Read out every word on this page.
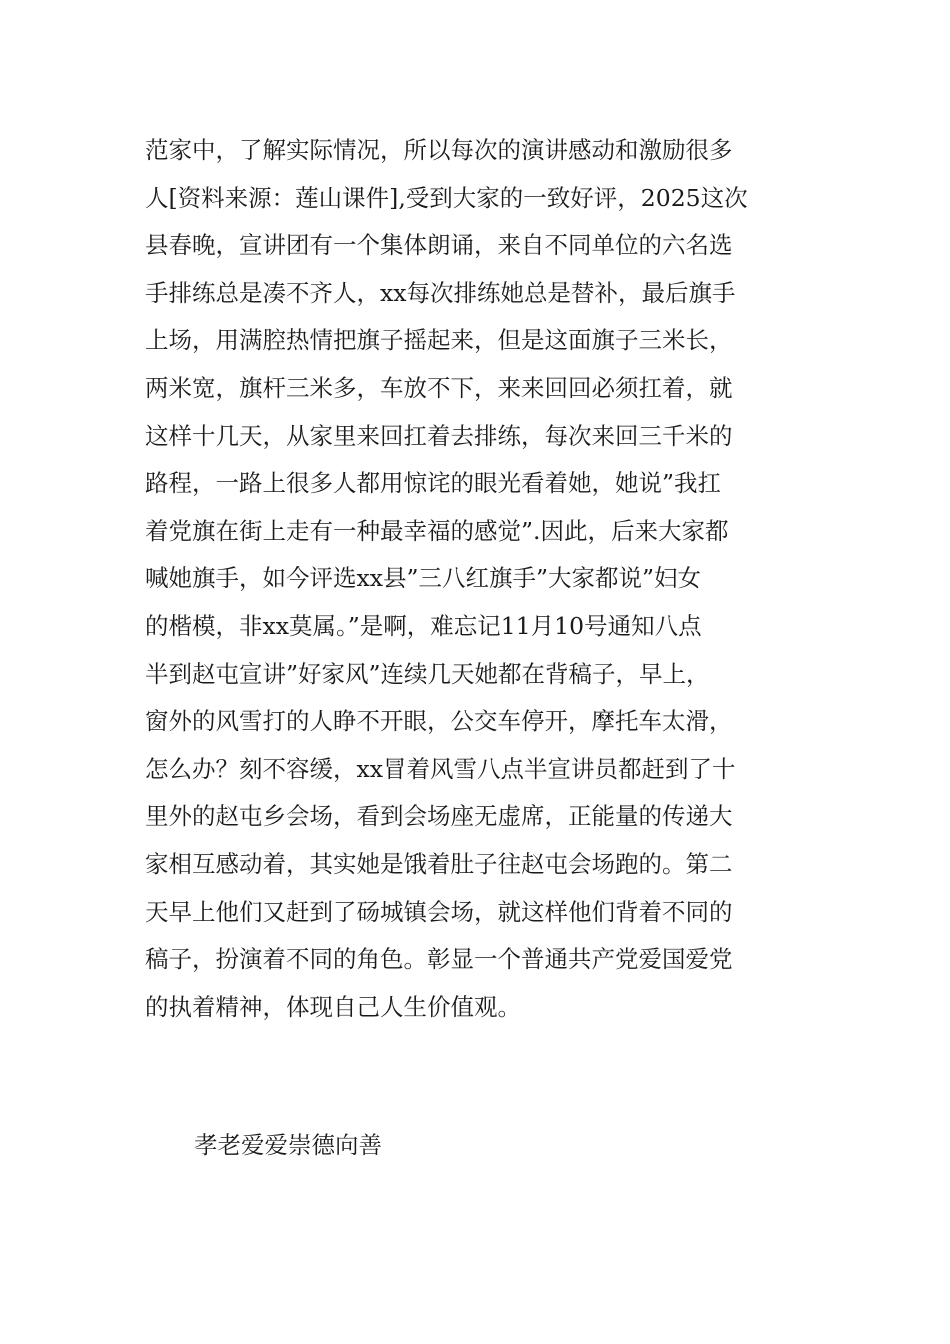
范家中，了解实际情况，所以每次的演讲感动和激励很多
人[资料来源：莲山课件],受到大家的一致好评，2025这次
县春晚，宣讲团有一个集体朗诵，来自不同单位的六名选
手排练总是凑不齐人，xx每次排练她总是替补，最后旗手
上场，用满腔热情把旗子摇起来，但是这面旗子三米长，
两米宽，旗杆三米多，车放不下，来来回回必须扛着，就
这样十几天，从家里来回扛着去排练，每次来回三千米的
路程，一路上很多人都用惊诧的眼光看着她，她说”我扛
着党旗在街上走有一种最幸福的感觉”.因此，后来大家都
喊她旗手，如今评选xx县”三八红旗手”大家都说”妇女
的楷模，非xx莫属。”是啊，难忘记11月10号通知八点
半到赵屯宣讲”好家风”连续几天她都在背稿子，早上，
窗外的风雪打的人睁不开眼，公交车停开，摩托车太滑，
怎么办？刻不容缓，xx冒着风雪八点半宣讲员都赶到了十
里外的赵屯乡会场，看到会场座无虚席，正能量的传递大
家相互感动着，其实她是饿着肚子往赵屯会场跑的。第二
天早上他们又赶到了砀城镇会场，就这样他们背着不同的
稿子，扮演着不同的角色。彰显一个普通共产党爱国爱党
的执着精神，体现自己人生价值观。
孝老爱爱崇德向善
